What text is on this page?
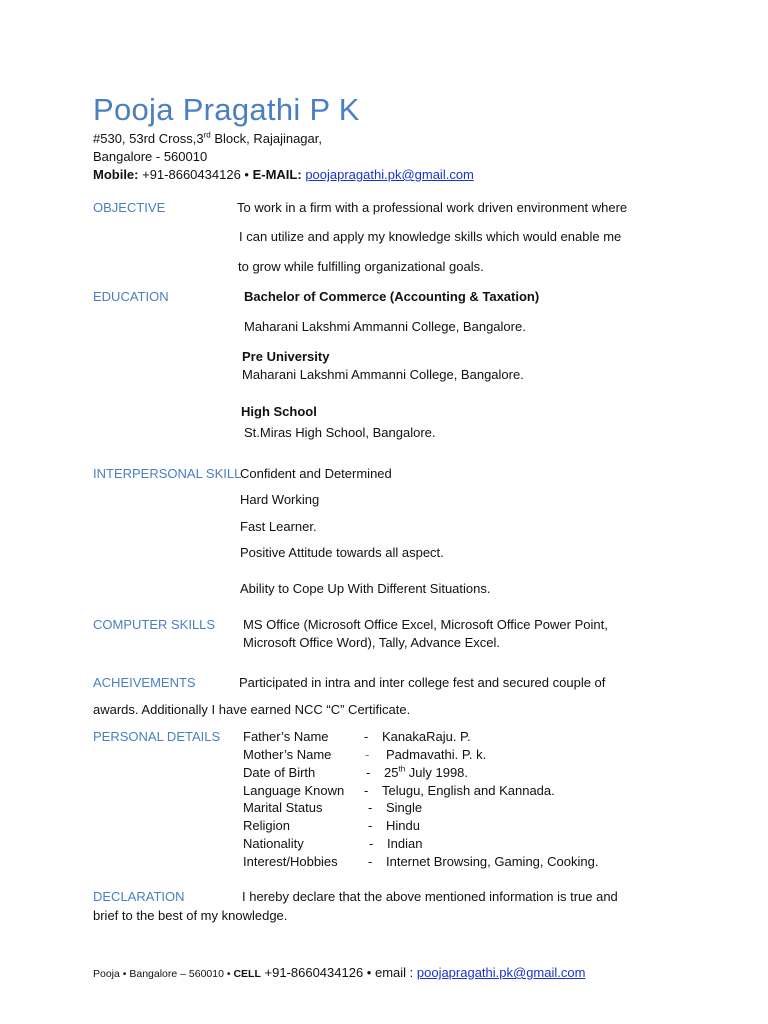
Pooja Pragathi P K
#530, 53rd Cross,3rd Block, Rajajinagar,
Bangalore - 560010
Mobile: +91-8660434126 • E-MAIL: poojapragathi.pk@gmail.com
OBJECTIVE	To work in a firm with a professional work driven environment where
I can utilize and apply my knowledge skills which would enable me
to grow while fulfilling organizational goals.
EDUCATION	Bachelor of Commerce (Accounting & Taxation)
Maharani Lakshmi Ammanni College, Bangalore.
Pre University
Maharani Lakshmi Ammanni College, Bangalore.
High School
St.Miras High School, Bangalore.
INTERPERSONAL SKILL
Confident and Determined
Hard Working
Fast Learner.
Positive Attitude towards all aspect.
Ability to Cope Up With Different Situations.
COMPUTER SKILLS MS Office (Microsoft Office Excel, Microsoft Office Power Point,
Microsoft Office Word), Tally, Advance Excel.
ACHEIVEMENTS	Participated in intra and inter college fest and secured couple of
awards. Additionally I have earned NCC “C” Certificate.
PERSONAL DETAILS Father’s Name	- KanakaRaju. P.
Mother’s Name	- Padmavathi. P. k.
Date of Birth	- 25th July 1998.
Language Known - Telugu, English and Kannada.
Marital Status	- Single
Religion	- Hindu
Nationality	- Indian
Interest/Hobbies - Internet Browsing, Gaming, Cooking.
DECLARATION	I hereby declare that the above mentioned information is true and
brief to the best of my knowledge.
Pooja • Bangalore – 560010 • CELL +91-8660434126 • email : poojapragathi.pk@gmail.com
